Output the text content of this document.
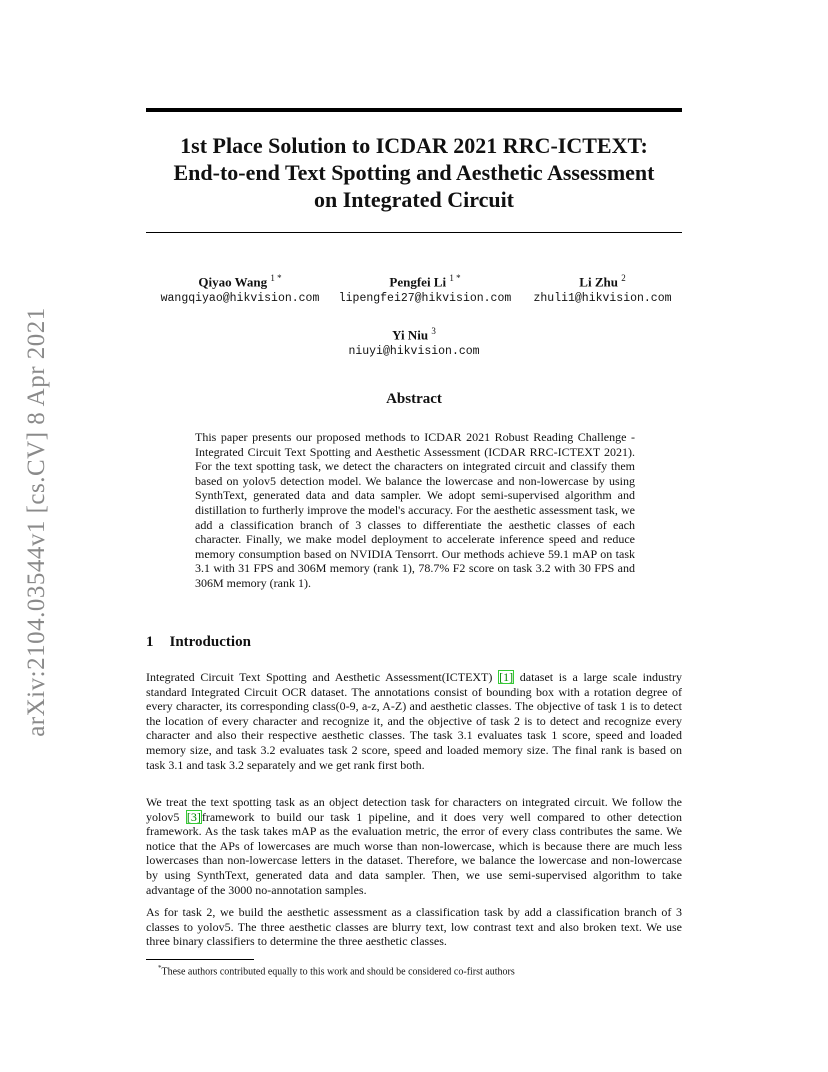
arXiv:2104.03544v1 [cs.CV] 8 Apr 2021
1st Place Solution to ICDAR 2021 RRC-ICTEXT:
End-to-end Text Spotting and Aesthetic Assessment
on Integrated Circuit
Qiyao Wang $^{1 *}$
wangqiyao@hikvision.com
Pengfei Li $^{1 *}$
lipengfei27@hikvision.com
Li Zhu $^2$
zhuli1@hikvision.com
Yi Niu $^3$
niuyi@hikvision.com
Abstract
This paper presents our proposed methods to ICDAR 2021 Robust Reading Challenge - Integrated Circuit Text Spotting and Aesthetic Assessment (ICDAR RRC-ICTEXT 2021). For the text spotting task, we detect the characters on integrated circuit and classify them based on yolov5 detection model. We balance the lowercase and non-lowercase by using SynthText, generated data and data sampler. We adopt semi-supervised algorithm and distillation to furtherly improve the model's accuracy. For the aesthetic assessment task, we add a classification branch of 3 classes to differentiate the aesthetic classes of each character. Finally, we make model deployment to accelerate inference speed and reduce memory consumption based on NVIDIA Tensorrt. Our methods achieve 59.1 mAP on task 3.1 with 31 FPS and 306M memory (rank 1), 78.7% F2 score on task 3.2 with 30 FPS and 306M memory (rank 1).
1 Introduction
Integrated Circuit Text Spotting and Aesthetic Assessment(ICTEXT) [1] dataset is a large scale industry standard Integrated Circuit OCR dataset. The annotations consist of bounding box with a rotation degree of every character, its corresponding class(0-9, a-z, A-Z) and aesthetic classes. The objective of task 1 is to detect the location of every character and recognize it, and the objective of task 2 is to detect and recognize every character and also their respective aesthetic classes. The task 3.1 evaluates task 1 score, speed and loaded memory size, and task 3.2 evaluates task 2 score, speed and loaded memory size. The final rank is based on task 3.1 and task 3.2 separately and we get rank first both.
We treat the text spotting task as an object detection task for characters on integrated circuit. We follow the yolov5 [3]framework to build our task 1 pipeline, and it does very well compared to other detection framework. As the task takes mAP as the evaluation metric, the error of every class contributes the same. We notice that the APs of lowercases are much worse than non-lowercase, which is because there are much less lowercases than non-lowercase letters in the dataset. Therefore, we balance the lowercase and non-lowercase by using SynthText, generated data and data sampler. Then, we use semi-supervised algorithm to take advantage of the 3000 no-annotation samples.
As for task 2, we build the aesthetic assessment as a classification task by add a classification branch of 3 classes to yolov5. The three aesthetic classes are blurry text, low contrast text and also broken text. We use three binary classifiers to determine the three aesthetic classes.
*These authors contributed equally to this work and should be considered co-first authors
